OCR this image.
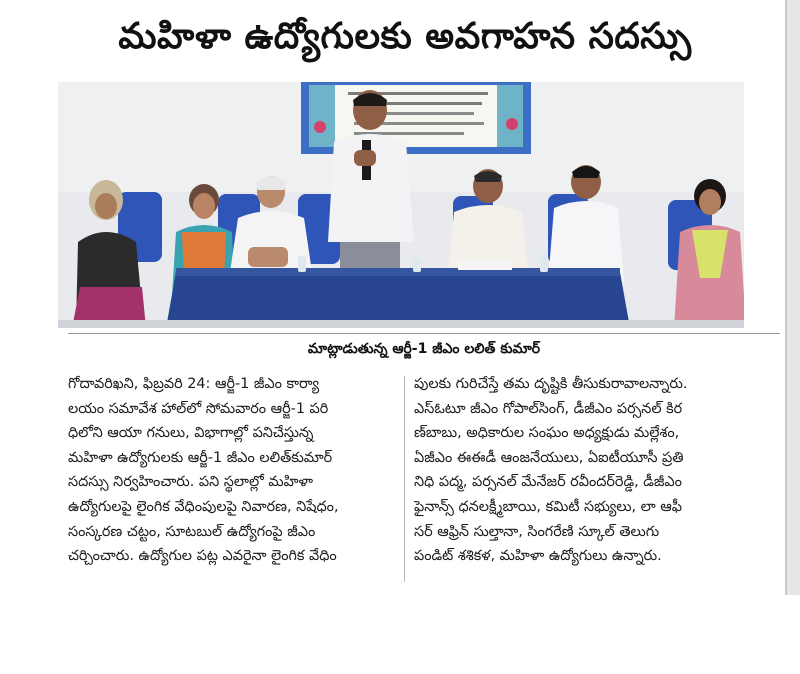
మహిళా ఉద్యోగులకు అవగాహన సదస్సు
మాట్లాడుతున్న ఆర్జీ-1 జీఎం లలిత్ కుమార్
గోదావరిఖని, ఫిబ్రవరి 24: ఆర్జీ-1 జీఎం కార్యా
లయం సమావేశ హాల్‌లో సోమవారం ఆర్జీ-1 పరి
ధిలోని ఆయా గనులు, విభాగాల్లో పనిచేస్తున్న
మహిళా ఉద్యోగులకు ఆర్జీ-1 జీఎం లలిత్‌కుమార్
సదస్సు నిర్వహించారు. పని స్థలాల్లో మహిళా
ఉద్యోగులపై లైంగిక వేధింపులపై నివారణ, నిషేధం,
సంస్కరణ చట్టం, సూటబుల్ ఉద్యోగంపై జీఎం
చర్చించారు. ఉద్యోగుల పట్ల ఎవరైనా లైంగిక వేధిం
పులకు గురిచేస్తే తమ దృష్టికి తీసుకురావాలన్నారు.
ఎస్ఓటూ జీఎం గోపాల్‌సింగ్, డీజీఎం పర్సనల్ కిర
ణ్‌బాబు, అధికారుల సంఘం అధ్యక్షుడు మల్లేశం,
ఏజీఎం ఈఈడీ ఆంజనేయులు, ఏఐటీయూసీ ప్రతి
నిధి పద్మ, పర్సనల్ మేనేజర్ రవీందర్‌రెడ్డి, డీజీఎం
ఫైనాన్స్ ధనలక్ష్మీబాయి, కమిటీ సభ్యులు, లా ఆఫీ
సర్ ఆఫ్రిన్ సుల్తానా, సింగరేణి స్కూల్ తెలుగు
పండిట్ శశికళ, మహిళా ఉద్యోగులు ఉన్నారు.
